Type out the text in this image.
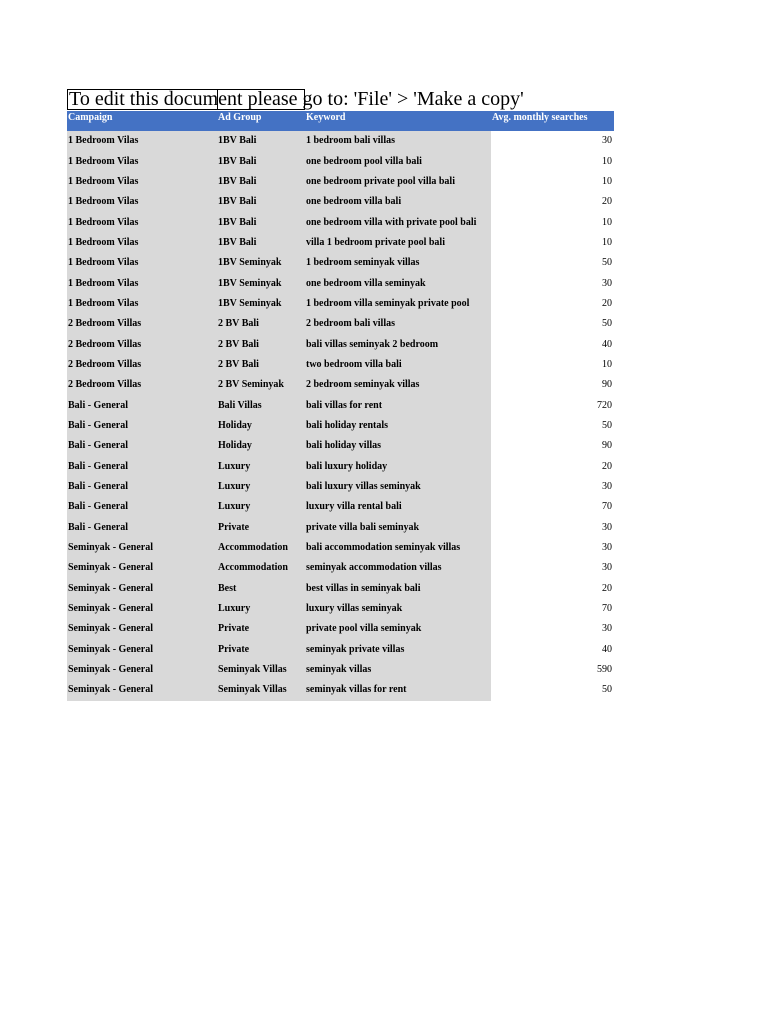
To edit this document please go to: 'File' > 'Make a copy'
Campaign	Ad Group	Keyword	Avg. monthly searches
1 Bedroom Vilas	1BV Bali	1 bedroom bali villas	30
1 Bedroom Vilas	1BV Bali	one bedroom pool villa bali	10
1 Bedroom Vilas	1BV Bali	one bedroom private pool villa bali	10
1 Bedroom Vilas	1BV Bali	one bedroom villa bali	20
1 Bedroom Vilas	1BV Bali	one bedroom villa with private pool bali	10
1 Bedroom Vilas	1BV Bali	villa 1 bedroom private pool bali	10
1 Bedroom Vilas	1BV Seminyak	1 bedroom seminyak villas	50
1 Bedroom Vilas	1BV Seminyak	one bedroom villa seminyak	30
1 Bedroom Vilas	1BV Seminyak	1 bedroom villa seminyak private pool	20
2 Bedroom Villas	2 BV Bali	2 bedroom bali villas	50
2 Bedroom Villas	2 BV Bali	bali villas seminyak 2 bedroom	40
2 Bedroom Villas	2 BV Bali	two bedroom villa bali	10
2 Bedroom Villas	2 BV Seminyak	2 bedroom seminyak villas	90
Bali - General	Bali Villas	bali villas for rent	720
Bali - General	Holiday	bali holiday rentals	50
Bali - General	Holiday	bali holiday villas	90
Bali - General	Luxury	bali luxury holiday	20
Bali - General	Luxury	bali luxury villas seminyak	30
Bali - General	Luxury	luxury villa rental bali	70
Bali - General	Private	private villa bali seminyak	30
Seminyak - General	Accommodation	bali accommodation seminyak villas	30
Seminyak - General	Accommodation	seminyak accommodation villas	30
Seminyak - General	Best	best villas in seminyak bali	20
Seminyak - General	Luxury	luxury villas seminyak	70
Seminyak - General	Private	private pool villa seminyak	30
Seminyak - General	Private	seminyak private villas	40
Seminyak - General	Seminyak Villas	seminyak villas	590
Seminyak - General	Seminyak Villas	seminyak villas for rent	50
